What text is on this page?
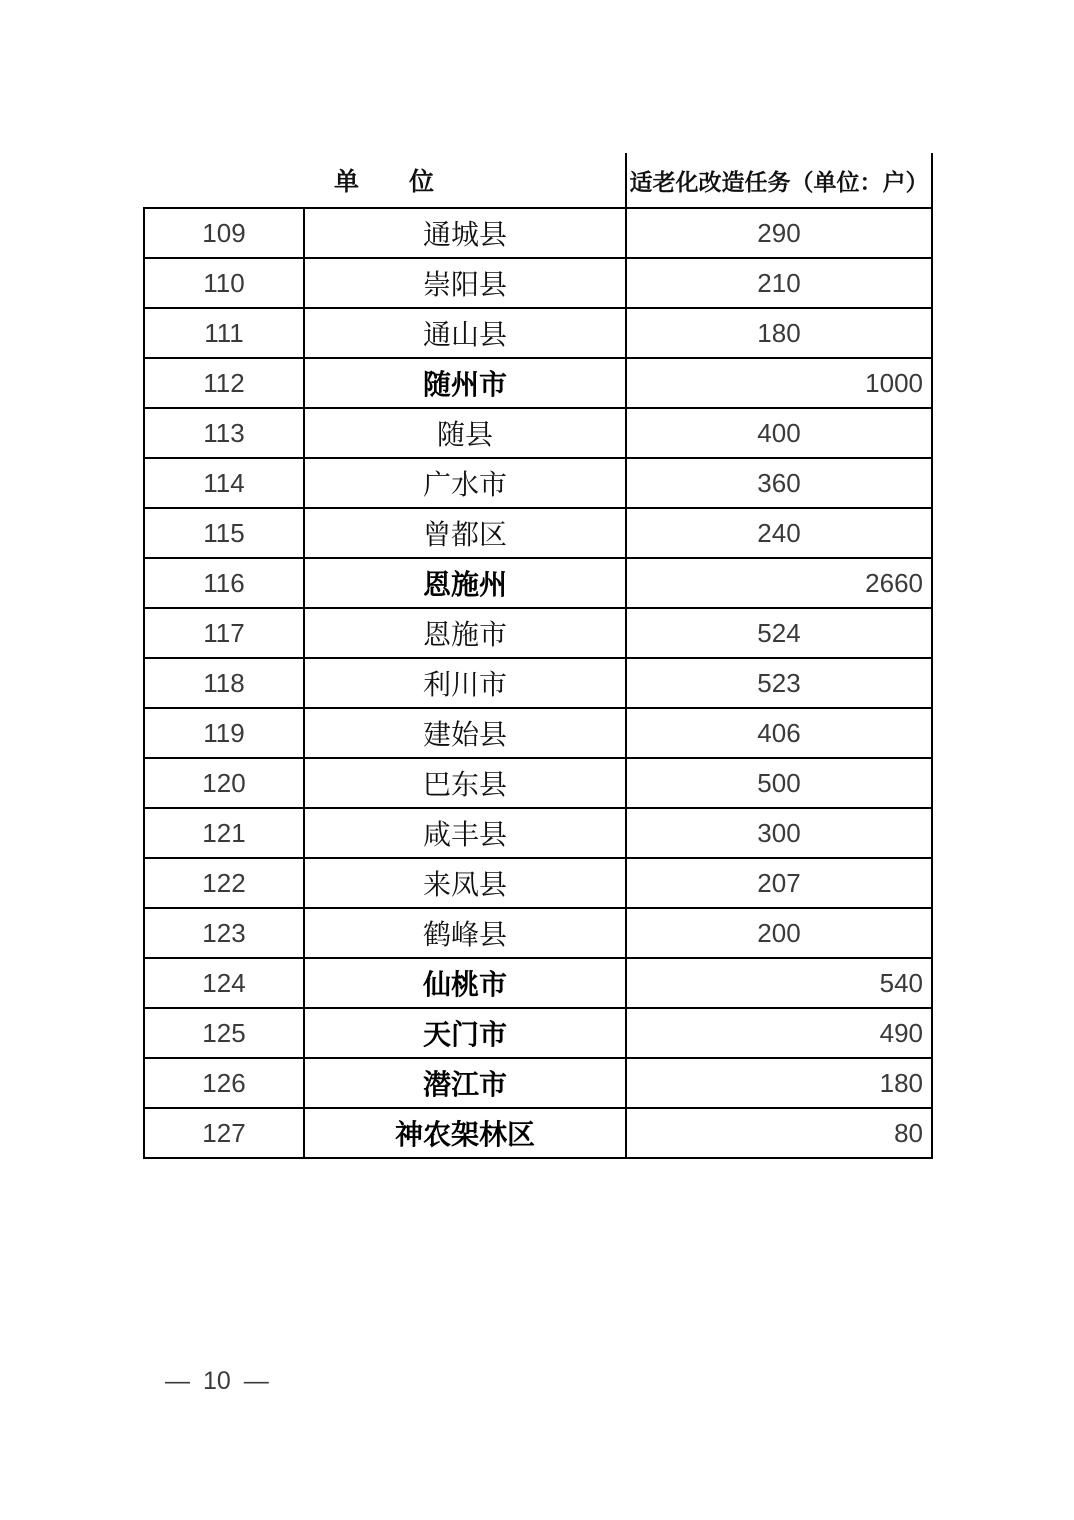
单　　位	适老化改造任务（单位：户）
109	通城县	290
110	崇阳县	210
111	通山县	180
112	随州市	1000
113	随县	400
114	广水市	360
115	曾都区	240
116	恩施州	2660
117	恩施市	524
118	利川市	523
119	建始县	406
120	巴东县	500
121	咸丰县	300
122	来凤县	207
123	鹤峰县	200
124	仙桃市	540
125	天门市	490
126	潜江市	180
127	神农架林区	80
— 10 —
